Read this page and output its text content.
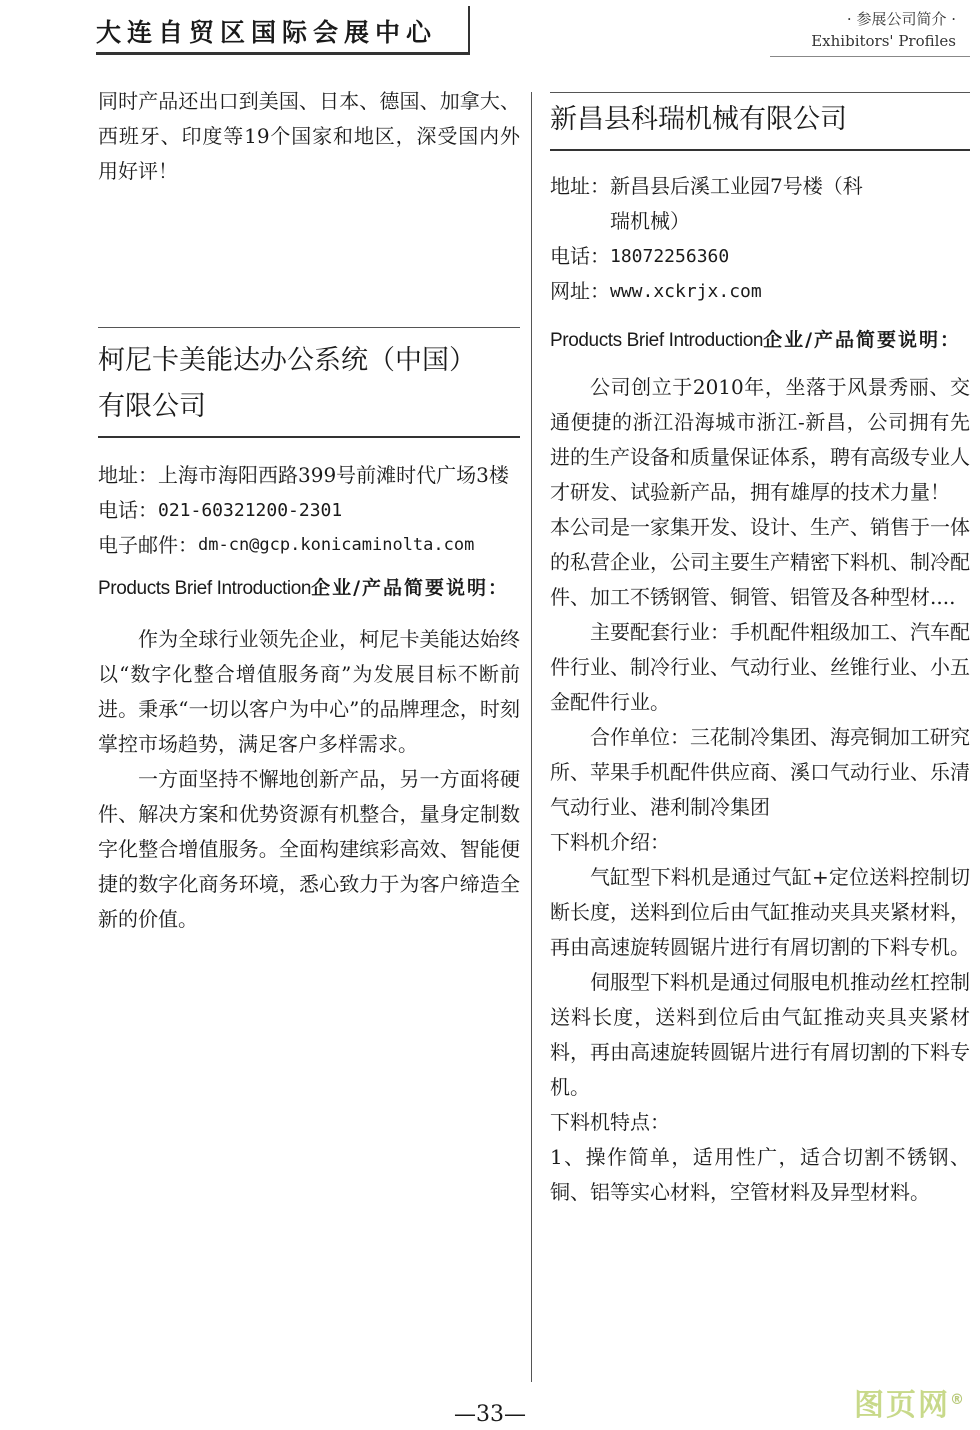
大连自贸区国际会展中心	· 参展公司简介 ·
Exhibitors' Profiles

同时产品还出口到美国、日本、德国、加拿大、西班牙、印度等19个国家和地区，深受国内外用好评！

柯尼卡美能达办公系统（中国）
有限公司
地址： 上海市海阳西路399号前滩时代广场3楼
电话： 021-60321200-2301
电子邮件： dm-cn@gcp.konicaminolta.com
Products Brief Introduction企业/产品简要说明：

作为全球行业领先企业，柯尼卡美能达始终以“数字化整合增值服务商”为发展目标不断前进。秉承“一切以客户为中心”的品牌理念，时刻掌控市场趋势，满足客户多样需求。

一方面坚持不懈地创新产品，另一方面将硬件、解决方案和优势资源有机整合，量身定制数字化整合增值服务。全面构建缤彩高效、智能便捷的数字化商务环境，悉心致力于为客户缔造全新的价值。

新昌县科瑞机械有限公司
地址： 新昌县后溪工业园7号楼（科瑞机械）
电话： 18072256360
网址： www.xckrjx.com
Products Brief Introduction企业/产品简要说明：

公司创立于2010年，坐落于风景秀丽、交通便捷的浙江沿海城市浙江-新昌，公司拥有先进的生产设备和质量保证体系，聘有高级专业人才研发、试验新产品，拥有雄厚的技术力量！

本公司是一家集开发、设计、生产、销售于一体的私营企业，公司主要生产精密下料机、制冷配件、加工不锈钢管、铜管、铝管及各种型材....

主要配套行业：手机配件粗级加工、汽车配件行业、制冷行业、气动行业、丝锥行业、小五金配件行业。

合作单位：三花制冷集团、海亮铜加工研究所、苹果手机配件供应商、溪口气动行业、乐清气动行业、港利制冷集团

下料机介绍：

气缸型下料机是通过气缸+定位送料控制切断长度，送料到位后由气缸推动夹具夹紧材料，再由高速旋转圆锯片进行有屑切割的下料专机。

伺服型下料机是通过伺服电机推动丝杠控制送料长度，送料到位后由气缸推动夹具夹紧材料，再由高速旋转圆锯片进行有屑切割的下料专机。

下料机特点：

1、操作简单，适用性广，适合切割不锈钢、铜、铝等实心材料，空管材料及异型材料。

—33—	图页网®
